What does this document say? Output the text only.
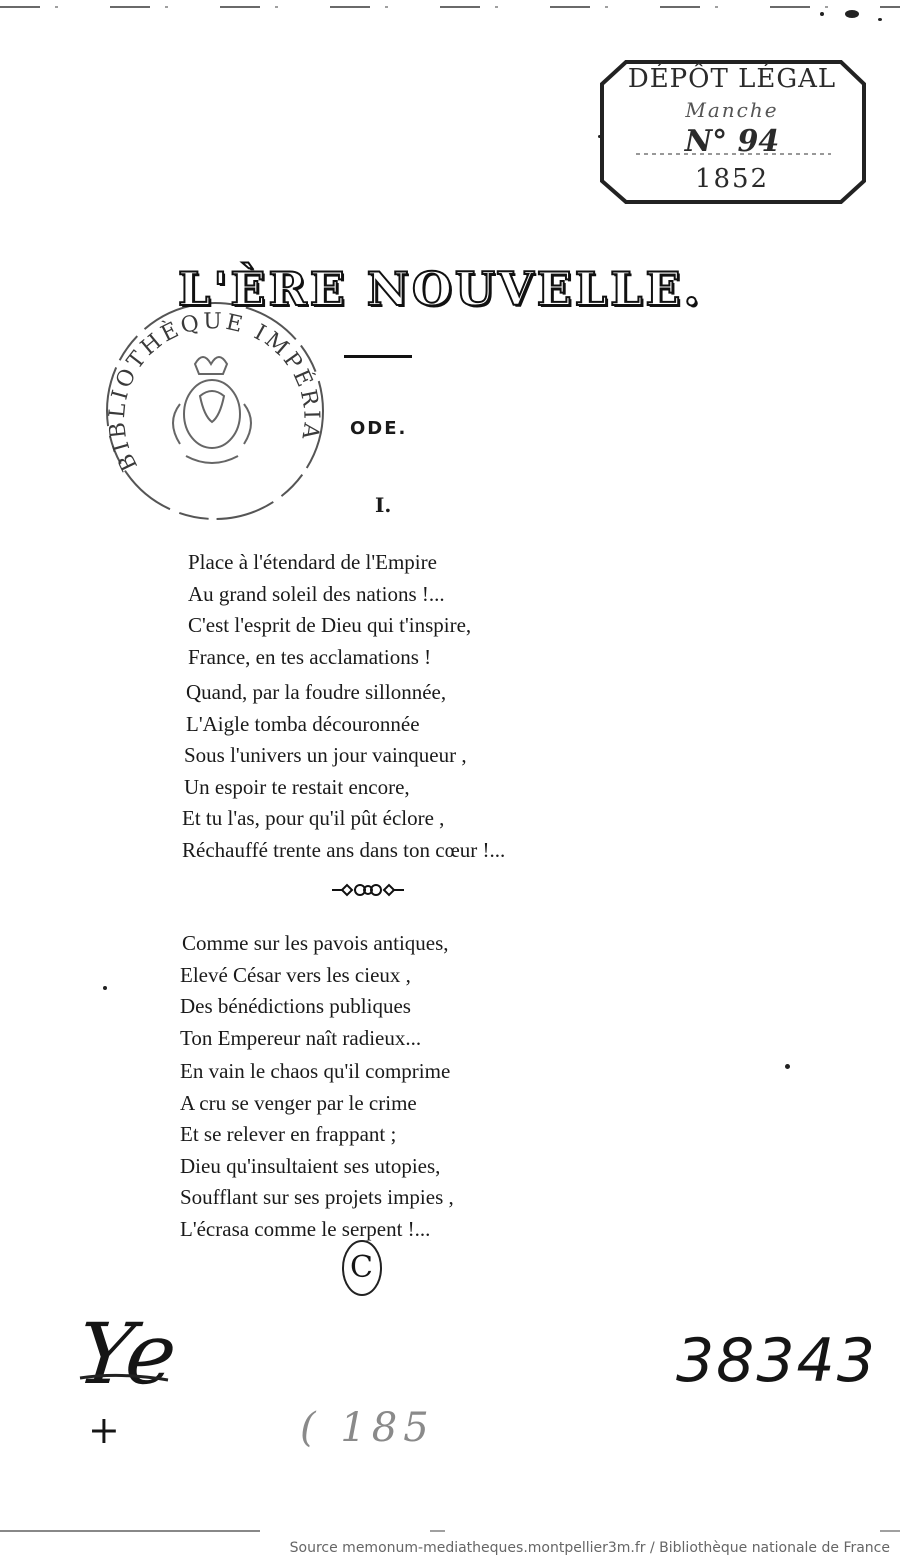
DÉPÔT LÉGAL
Manche
N° 94
1852
BIBLIOTHÈQUE IMPÉRIA
L'ÈRE NOUVELLE.
ODE.
I.
Place à l'étendard de l'Empire
Au grand soleil des nations !...
C'est l'esprit de Dieu qui t'inspire,
France, en tes acclamations !
Quand, par la foudre sillonnée,
L'Aigle tomba découronnée
Sous l'univers un jour vainqueur ,
Un espoir te restait encore,
Et tu l'as, pour qu'il pût éclore ,
Réchauffé trente ans dans ton cœur !...
Comme sur les pavois antiques,
Elevé César vers les cieux ,
Des bénédictions publiques
Ton Empereur naît radieux...
En vain le chaos qu'il comprime
A cru se venger par le crime
Et se relever en frappant ;
Dieu qu'insultaient ses utopies,
Soufflant sur ses projets impies ,
L'écrasa comme le serpent !...
C
Ye
+	( 185
38343
Source memonum-mediatheques.montpellier3m.fr / Bibliothèque nationale de France
